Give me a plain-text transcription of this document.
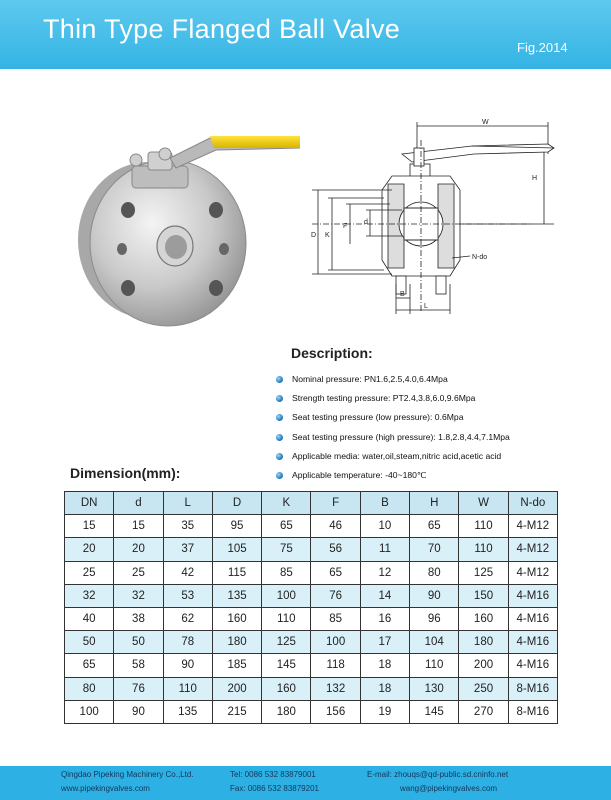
Thin Type Flanged Ball Valve
Fig.2014
W
H
D K
F
d
N-do
B
L
Description:
Nominal pressure: PN1.6,2.5,4.0,6.4Mpa
Strength testing pressure: PT2.4,3.8,6.0,9.6Mpa
Seat testing pressure (low pressure): 0.6Mpa
Seat testing pressure (high pressure): 1.8,2.8,4.4,7.1Mpa
Applicable media: water,oil,steam,nitric acid,acetic acid
Applicable temperature: -40~180℃
Dimension(mm):
DN	d	L	D	K	F	B	H	W	N-do
15	15	35	95	65	46	10	65	110	4-M12
20	20	37	105	75	56	11	70	110	4-M12
25	25	42	115	85	65	12	80	125	4-M12
32	32	53	135	100	76	14	90	150	4-M16
40	38	62	160	110	85	16	96	160	4-M16
50	50	78	180	125	100	17	104	180	4-M16
65	58	90	185	145	118	18	110	200	4-M16
80	76	110	200	160	132	18	130	250	8-M16
100	90	135	215	180	156	19	145	270	8-M16
Qingdao Pipeking Machinery Co.,Ltd.
www.pipekingvalves.com
Tel: 0086 532 83879001
Fax: 0086 532 83879201
E-mail: zhouqs@qd-public.sd.cninfo.net
wang@pipekingvalves.com
